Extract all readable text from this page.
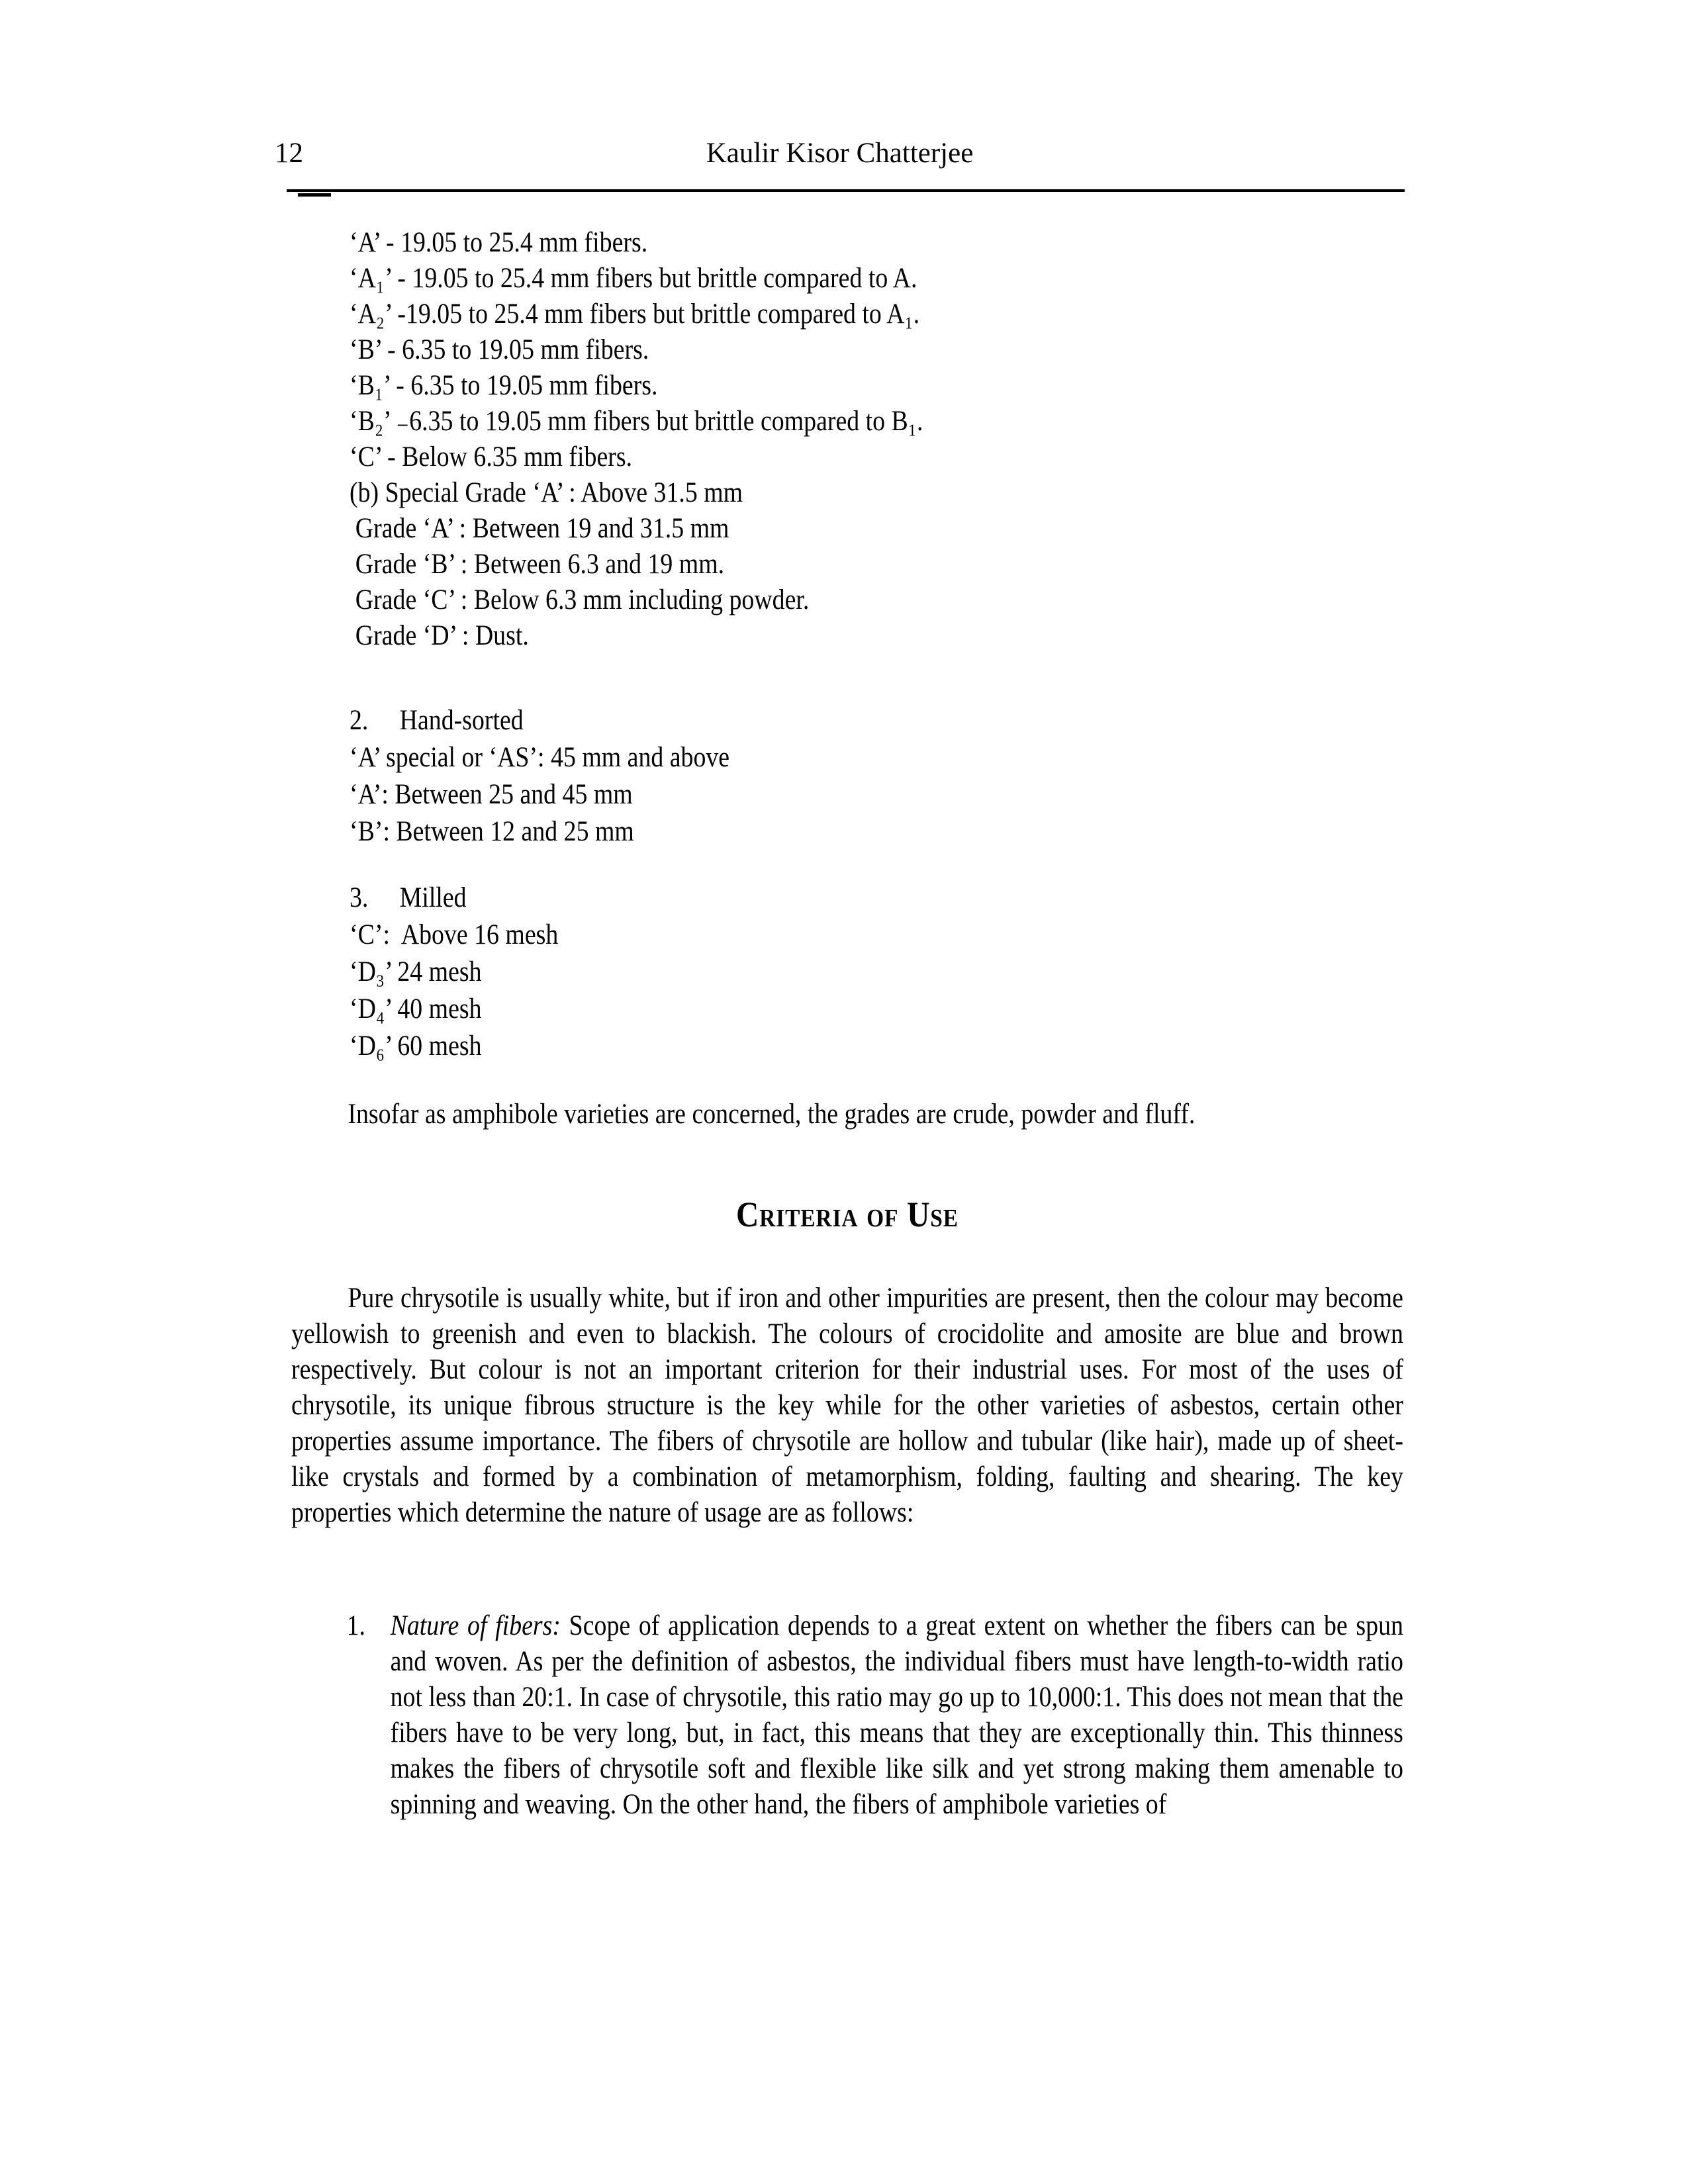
12	Kaulir Kisor Chatterjee
‘A’ - 19.05 to 25.4 mm fibers.
‘A₁’ - 19.05 to 25.4 mm fibers but brittle compared to A.
‘A₂’ -19.05 to 25.4 mm fibers but brittle compared to A₁.
‘B’ - 6.35 to 19.05 mm fibers.
‘B₁’ - 6.35 to 19.05 mm fibers.
‘B₂’ ₋6.35 to 19.05 mm fibers but brittle compared to B₁.
‘C’ - Below 6.35 mm fibers.
(b) Special Grade ‘A’ : Above 31.5 mm
Grade ‘A’ : Between 19 and 31.5 mm
Grade ‘B’ : Between 6.3 and 19 mm.
Grade ‘C’ : Below 6.3 mm including powder.
Grade ‘D’ : Dust.
2. Hand-sorted
‘A’ special or ‘AS’: 45 mm and above
‘A’: Between 25 and 45 mm
‘B’: Between 12 and 25 mm
3. Milled
‘C’:  Above 16 mesh
‘D₃’ 24 mesh
‘D₄’ 40 mesh
‘D₆’ 60 mesh
Insofar as amphibole varieties are concerned, the grades are crude, powder and fluff.
Criteria of Use
Pure chrysotile is usually white, but if iron and other impurities are present, then the colour may become yellowish to greenish and even to blackish. The colours of crocidolite and amosite are blue and brown respectively. But colour is not an important criterion for their industrial uses. For most of the uses of chrysotile, its unique fibrous structure is the key while for the other varieties of asbestos, certain other properties assume importance. The fibers of chrysotile are hollow and tubular (like hair), made up of sheet-like crystals and formed by a combination of metamorphism, folding, faulting and shearing. The key properties which determine the nature of usage are as follows:
1. Nature of fibers: Scope of application depends to a great extent on whether the fibers can be spun and woven. As per the definition of asbestos, the individual fibers must have length-to-width ratio not less than 20:1. In case of chrysotile, this ratio may go up to 10,000:1. This does not mean that the fibers have to be very long, but, in fact, this means that they are exceptionally thin. This thinness makes the fibers of chrysotile soft and flexible like silk and yet strong making them amenable to spinning and weaving. On the other hand, the fibers of amphibole varieties of
